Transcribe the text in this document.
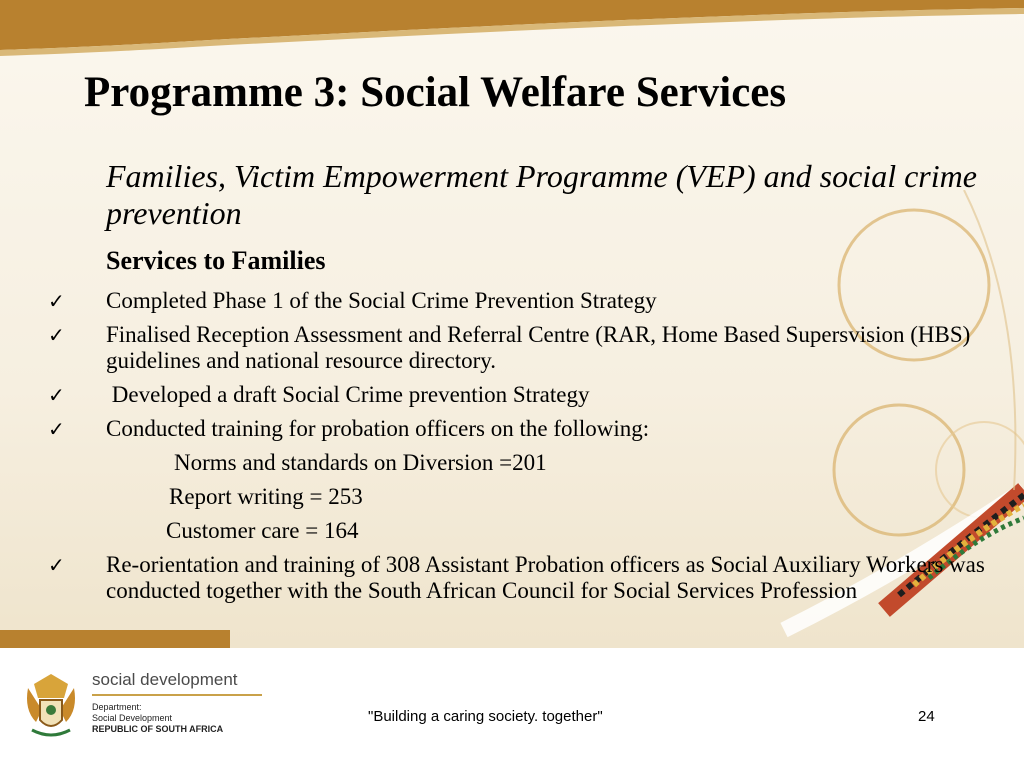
Programme 3: Social Welfare Services
Families, Victim Empowerment Programme (VEP) and social crime prevention
Services to Families
✓ Completed Phase 1 of the Social Crime Prevention Strategy
✓ Finalised Reception Assessment and Referral Centre (RAR, Home Based Supersvision (HBS) guidelines and national resource directory.
✓ Developed a draft Social Crime prevention Strategy
✓ Conducted training for probation officers on the following:
Norms and standards on Diversion =201
Report writing = 253
Customer care = 164
✓ Re-orientation and training of 308 Assistant Probation officers as Social Auxiliary Workers was conducted together with the South African Council for Social Services Profession
social development
Department:
Social Development
REPUBLIC OF SOUTH AFRICA
"Building a caring society. together"	24
